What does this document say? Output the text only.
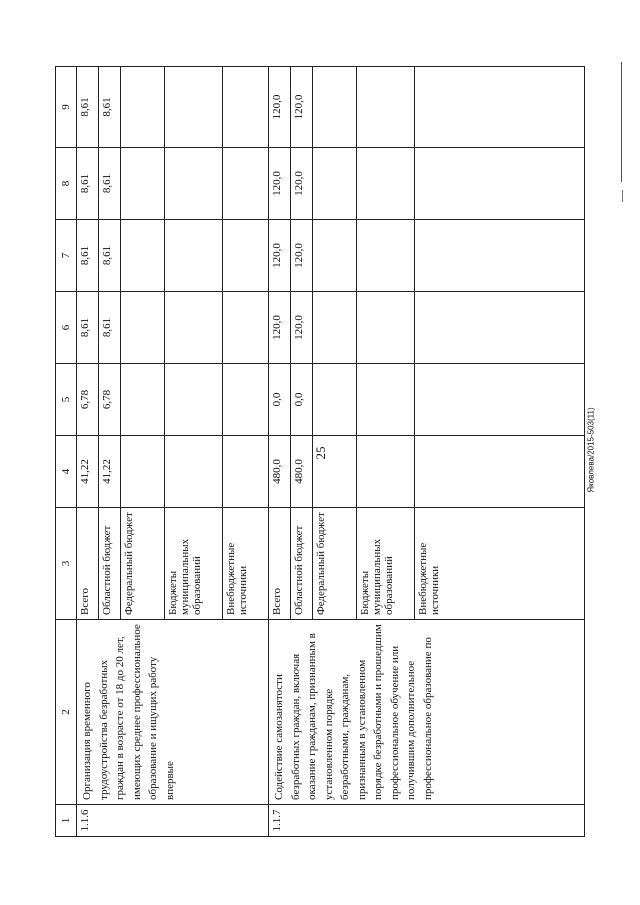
25	Яковлева/2015-503(11)
1	2	3	4	5	6	7	8	9
1.1.6	Организация временного трудоустройства безработных граждан в возрасте от 18 до 20 лет, имеющих среднее профессиональное образование и ищущих работу впервые	Всего	41,22	6,78	8,61	8,61	8,61	8,61
		Областной бюджет	41,22	6,78	8,61	8,61	8,61	8,61
		Федеральный бюджет						
		Бюджеты муниципальных образований						
		Внебюджетные источники						
1.1.7	Содействие самозанятости безработных граждан, включая оказание гражданам, признанным в установленном порядке безработными, гражданам, признанным в установленном порядке безработными и прошедшим профессиональное обучение или получившим дополнительное профессиональное образование по	Всего	480,0	0,0	120,0	120,0	120,0	120,0
		Областной бюджет	480,0	0,0	120,0	120,0	120,0	120,0
		Федеральный бюджет						
		Бюджеты муниципальных образований						
		Внебюджетные источники						
